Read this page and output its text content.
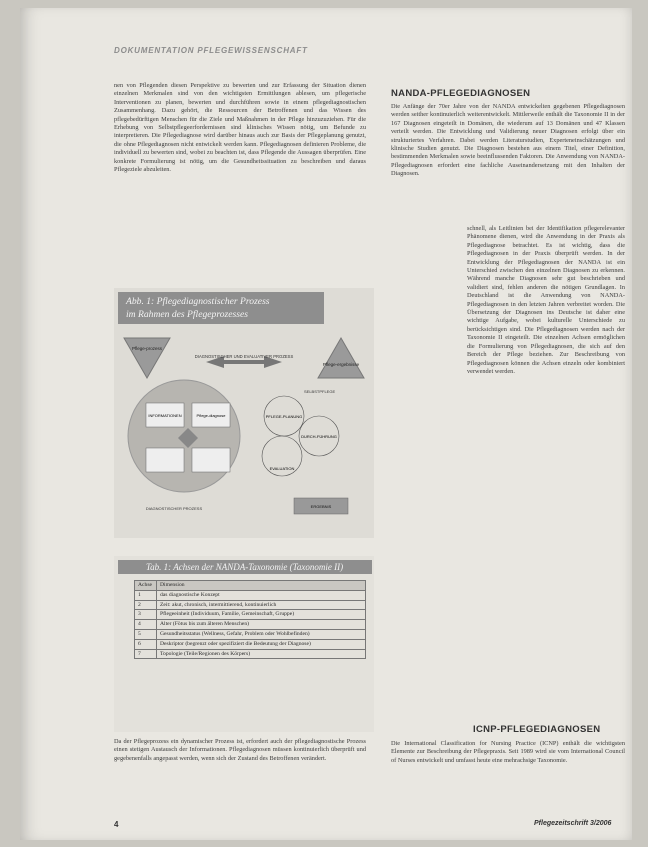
DOKUMENTATION PFLEGEWISSENSCHAFT
nen von Pflegenden diesen Perspektive zu bewerten und zur Erfassung der Situation dienen einzelnen Merkmalen sind von den wichtigsten Ermittlungen ablesen, um pflegerische Interventionen zu planen, bewerten und durchführen sowie in einem pflegediagnostischen Zusammenhang. Dazu gehört, die Ressourcen der Betroffenen und das Wissen des pflegebedürftigen Menschen für die Ziele und Maßnahmen in der Pflege hinzuzuziehen. Für die Erhebung von Selbstpflegeerfordernissen sind klinisches Wissen nötig, um Befunde zu interpretieren. Die Pflegediagnose wird darüber hinaus auch zur Basis der Pflegeplanung genutzt, die ohne Pflegediagnosen nicht entwickelt werden kann. Pflegediagnosen definieren Probleme, die individuell zu bewerten sind, wobei zu beachten ist, dass Pflegende die Aussagen überprüfen. Eine konkrete Formulierung ist nötig, um die Gesundheitssituation zu beschreiben und daraus Pflegeziele abzuleiten.
NANDA-PFLEGEDIAGNOSEN
Die Anfänge der 70er Jahre von der NANDA entwickelten gegebenen Pflegediagnosen werden seither kontinuierlich weiterentwickelt. Mittlerweile enthält die Taxonomie II in der 167 Diagnosen eingeteilt in Domänen, die wiederum auf 13 Domänen und 47 Klassen verteilt werden. Die Entwicklung und Validierung neuer Diagnosen erfolgt über ein strukturiertes Verfahren. Dabei werden Literaturstudien, Experteneinschätzungen und klinische Studien genutzt. Die Diagnosen bestehen aus einem Titel, einer Definition, bestimmenden Merkmalen sowie beeinflussenden Faktoren. Die Anwendung von NANDA-Pflegediagnosen erfordert eine fachliche Auseinandersetzung mit den Inhalten der Diagnosen.
schnell, als Leitlinien bei der Identifikation pflegerelevanter Phänomene dienen, wird die Anwendung in der Praxis als Pflegediagnose betrachtet. Es ist wichtig, dass die Pflegediagnosen in der Praxis überprüft werden. In der Entwicklung der Pflegediagnosen der NANDA ist ein Unterschied zwischen den einzelnen Diagnosen zu erkennen. Während manche Diagnosen sehr gut beschrieben und validiert sind, fehlen anderen die nötigen Grundlagen. In Deutschland ist die Anwendung von NANDA-Pflegediagnosen in den letzten Jahren verbreitet worden. Die Übersetzung der Diagnosen ins Deutsche ist daher eine wichtige Aufgabe, wobei kulturelle Unterschiede zu berücksichtigen sind. Die Pflegediagnosen werden nach der Taxonomie II eingeteilt. Die einzelnen Achsen ermöglichen die Formulierung von Pflegediagnosen, die sich auf den Bereich der Pflege beziehen. Zur Beschreibung von Pflegediagnosen können die Achsen einzeln oder kombiniert verwendet werden.
Abb. 1: Pflegediagnostischer Prozess
im Rahmen des Pflegeprozesses
Pflege-prozess
Pflege-ergebnisse
DIAGNOSTISCHER UND EVALUATIVER PROZESS
INFORMATIONEN	Pflege-diagnose	PFLEGE-PLANUNG
DURCH-FÜHRUNG
EVALUATION
SELBSTPFLEGE
DIAGNOSTISCHER PROZESS	ERGEBNIS
Tab. 1: Achsen der NANDA-Taxonomie (Taxonomie II)
Achse	Dimension
1	das diagnostische Konzept
2	Zeit: akut, chronisch, intermittierend, kontinuierlich
3	Pflegeeinheit (Individuum, Familie, Gemeinschaft, Gruppe)
4	Alter (Fötus bis zum älteren Menschen)
5	Gesundheitsstatus (Wellness, Gefahr, Problem oder Wohlbefinden)
6	Deskriptor (begrenzt oder spezifiziert die Bedeutung der Diagnose)
7	Topologie (Teile/Regionen des Körpers)
Da der Pflegeprozess ein dynamischer Prozess ist, erfordert auch der pflegediagnostische Prozess einen stetigen Austausch der Informationen. Pflegediagnosen müssen kontinuierlich überprüft und gegebenenfalls angepasst werden, wenn sich der Zustand des Betroffenen verändert.
ICNP-PFLEGEDIAGNOSEN
Die International Classification for Nursing Practice (ICNP) enthält die wichtigsten Elemente zur Beschreibung der Pflegepraxis. Seit 1989 wird sie vom International Council of Nurses entwickelt und umfasst heute eine mehrachsige Taxonomie.
4	Pflegezeitschrift 3/2006
